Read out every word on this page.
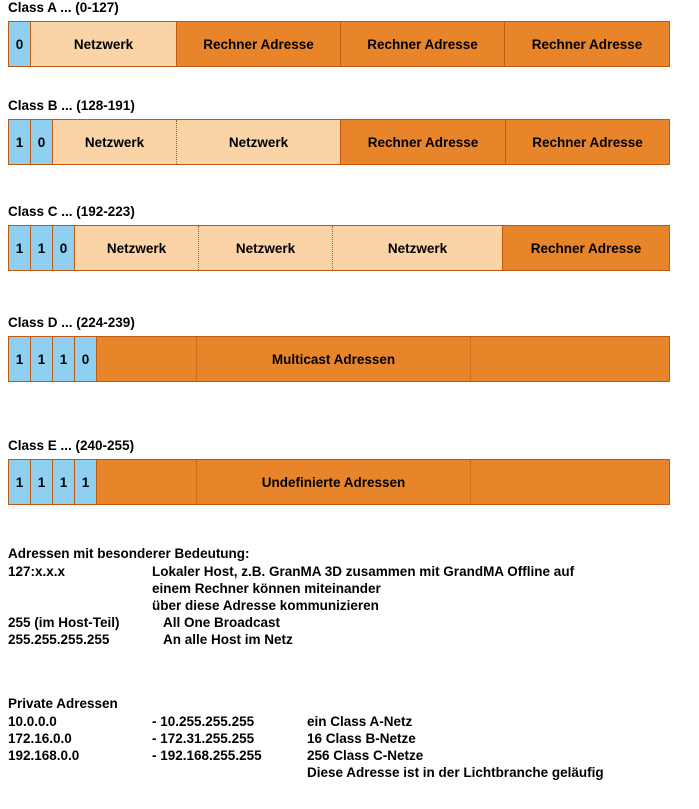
Class A ... (0-127)
0	Netzwerk	Rechner Adresse	Rechner Adresse	Rechner Adresse
Class B ... (128-191)
1	0	Netzwerk	Netzwerk	Rechner Adresse	Rechner Adresse
Class C ... (192-223)
1	1	0	Netzwerk	Netzwerk	Netzwerk	Rechner Adresse
Class D ... (224-239)
1	1	1	0	Multicast Adressen
Class E ... (240-255)
1	1	1	1	Undefinierte Adressen
Adressen mit besonderer Bedeutung:
127:x.x.x	Lokaler Host, z.B. GranMA 3D zusammen mit GrandMA Offline auf
einem Rechner können miteinander
über diese Adresse kommunizieren
255 (im Host-Teil)	All One Broadcast
255.255.255.255	An alle Host im Netz
Private Adressen
10.0.0.0	- 10.255.255.255	ein Class A-Netz
172.16.0.0	- 172.31.255.255	16 Class B-Netze
192.168.0.0	- 192.168.255.255	256 Class C-Netze
Diese Adresse ist in der Lichtbranche geläufig
